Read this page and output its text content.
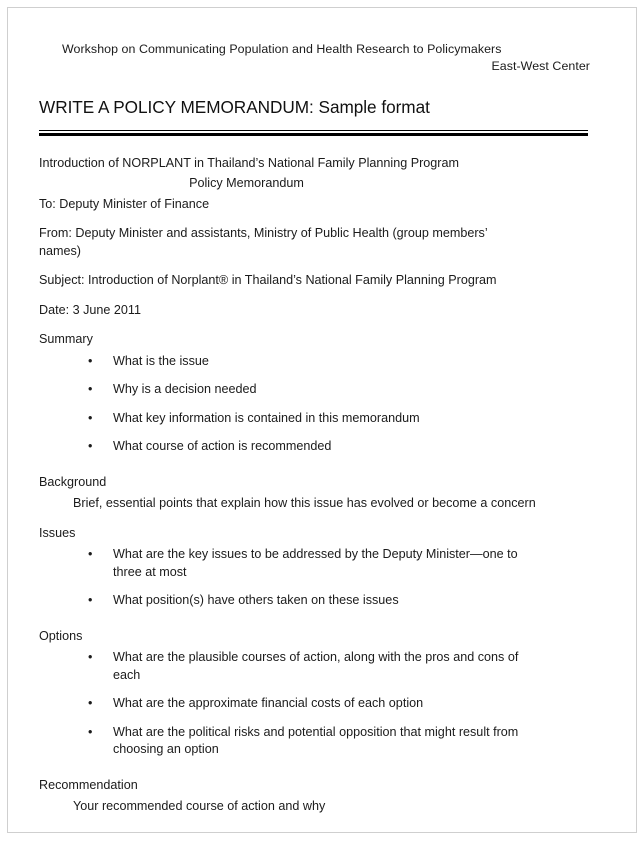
Workshop on Communicating Population and Health Research to Policymakers
East-West Center
WRITE A POLICY MEMORANDUM: Sample format

Introduction of NORPLANT in Thailand’s National Family Planning Program

Policy Memorandum

To: Deputy Minister of Finance

From: Deputy Minister and assistants, Ministry of Public Health (group members’ names)

Subject: Introduction of Norplant® in Thailand’s National Family Planning Program

Date: 3 June 2011

Summary

• What is the issue
• Why is a decision needed
• What key information is contained in this memorandum
• What course of action is recommended

Background

Brief, essential points that explain how this issue has evolved or become a concern

Issues

• What are the key issues to be addressed by the Deputy Minister—one to three at most
• What position(s) have others taken on these issues

Options

• What are the plausible courses of action, along with the pros and cons of each
• What are the approximate financial costs of each option
• What are the political risks and potential opposition that might result from choosing an option

Recommendation

Your recommended course of action and why
